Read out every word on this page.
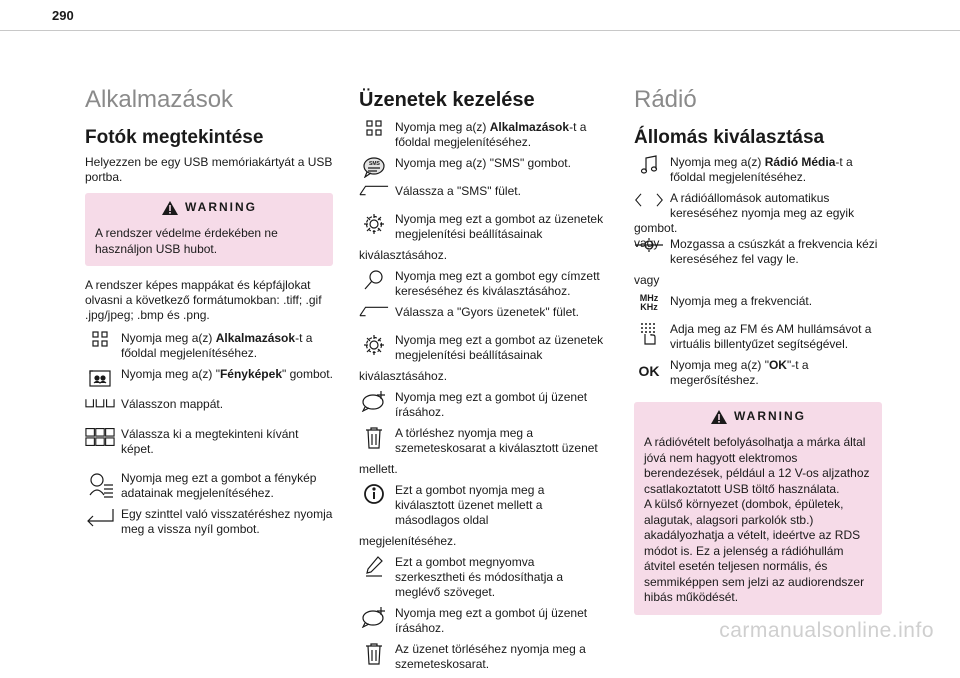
290
Alkalmazások
Fotók megtekintése

Helyezzen be egy USB memóriakártyát a USB portba.

WARNING
A rendszer védelme érdekében ne használjon USB hubot.

A rendszer képes mappákat és képfájlokat olvasni a következő formátumokban: .tiff; .gif .jpg/jpeg; .bmp és .png.

Nyomja meg a(z) Alkalmazások-t a főoldal megjelenítéséhez.
Nyomja meg a(z) "Fényképek" gombot.
Válasszon mappát.
Válassza ki a megtekinteni kívánt képet.
Nyomja meg ezt a gombot a fénykép adatainak megjelenítéséhez.
Egy szinttel való visszatéréshez nyomja meg a vissza nyíl gombot.
Üzenetek kezelése
Nyomja meg a(z) Alkalmazások-t a főoldal megjelenítéséhez.
SMS	Nyomja meg a(z) "SMS" gombot.
Válassza a "SMS" fület.
Nyomja meg ezt a gombot az üzenetek megjelenítési beállításainak
kiválasztásához.
Nyomja meg ezt a gombot egy címzett kereséséhez és kiválasztásához.
Válassza a "Gyors üzenetek" fület.
Nyomja meg ezt a gombot az üzenetek megjelenítési beállításainak
kiválasztásához.
Nyomja meg ezt a gombot új üzenet írásához.
A törléshez nyomja meg a szemeteskosarat a kiválasztott üzenet
mellett.
Ezt a gombot nyomja meg a kiválasztott üzenet mellett a másodlagos oldal
megjelenítéséhez.
Ezt a gombot megnyomva szerkesztheti és módosíthatja a meglévő szöveget.
Nyomja meg ezt a gombot új üzenet írásához.
Az üzenet törléséhez nyomja meg a szemeteskosarat.
Rádió
Állomás kiválasztása
Nyomja meg a(z) Rádió Média-t a főoldal megjelenítéséhez.
A rádióállomások automatikus kereséséhez nyomja meg az egyik
gombot.
vagy Mozgassa a csúszkát a frekvencia kézi kereséséhez fel vagy le.
vagy
MHz
KHz	Nyomja meg a frekvenciát.
Adja meg az FM és AM hullámsávot a virtuális billentyűzet segítségével.
OK Nyomja meg a(z) "OK"-t a megerősítéshez.
WARNING
A rádióvételt befolyásolhatja a márka által jóvá nem hagyott elektromos berendezések, például a 12 V-os aljzathoz csatlakoztatott USB töltő használata.
A külső környezet (dombok, épületek, alagutak, alagsori parkolók stb.) akadályozhatja a vételt, ideértve az RDS módot is. Ez a jelenség a rádióhullám átvitel esetén teljesen normális, és semmiképpen sem jelzi az audiorendszer hibás működését.
carmanualsonline.info
